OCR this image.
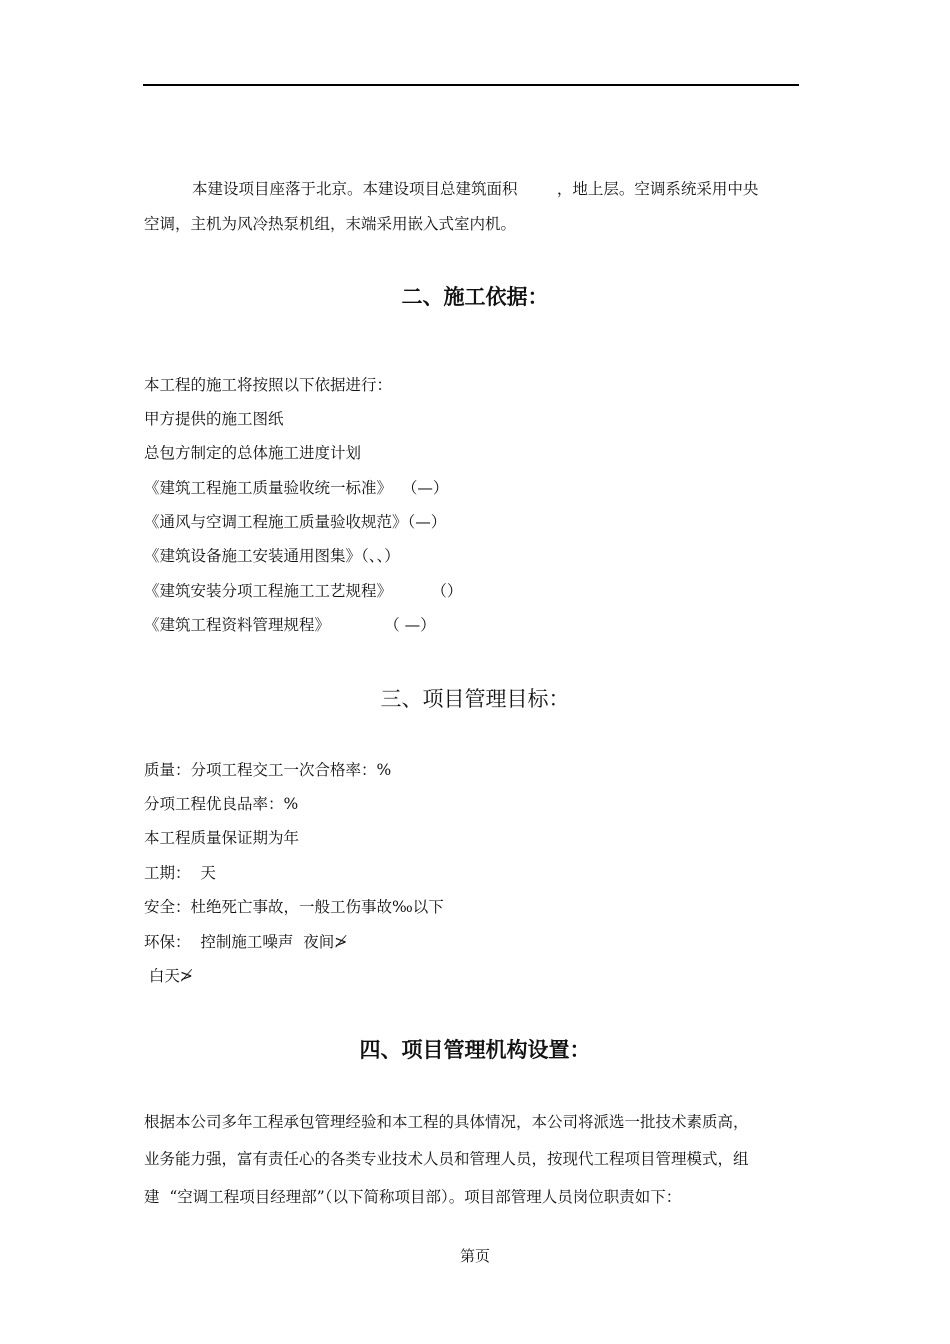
本建设项目座落于北京。本建设项目总建筑面积        ，地上层。空调系统采用中央
空调，主机为风冷热泵机组，末端采用嵌入式室内机。
二、施工依据：
本工程的施工将按照以下依据进行：
甲方提供的施工图纸
总包方制定的总体施工进度计划
《建筑工程施工质量验收统一标准》  （—）
《通风与空调工程施工质量验收规范》（—）
《建筑设备施工安装通用图集》（、、）
《建筑安装分项工程施工工艺规程》        （）
《建筑工程资料管理规程》           （ —）
三、项目管理目标：
质量：分项工程交工一次合格率：%
分项工程优良品率：%
本工程质量保证期为年
工期：  天
安全：杜绝死亡事故，一般工伤事故‰以下
环保：  控制施工噪声  夜间≯
白天≯
四、项目管理机构设置：
根据本公司多年工程承包管理经验和本工程的具体情况，本公司将派选一批技术素质高，
业务能力强，富有责任心的各类专业技术人员和管理人员，按现代工程项目管理模式，组
建  “空调工程项目经理部”（以下简称项目部）。项目部管理人员岗位职责如下：
第页
